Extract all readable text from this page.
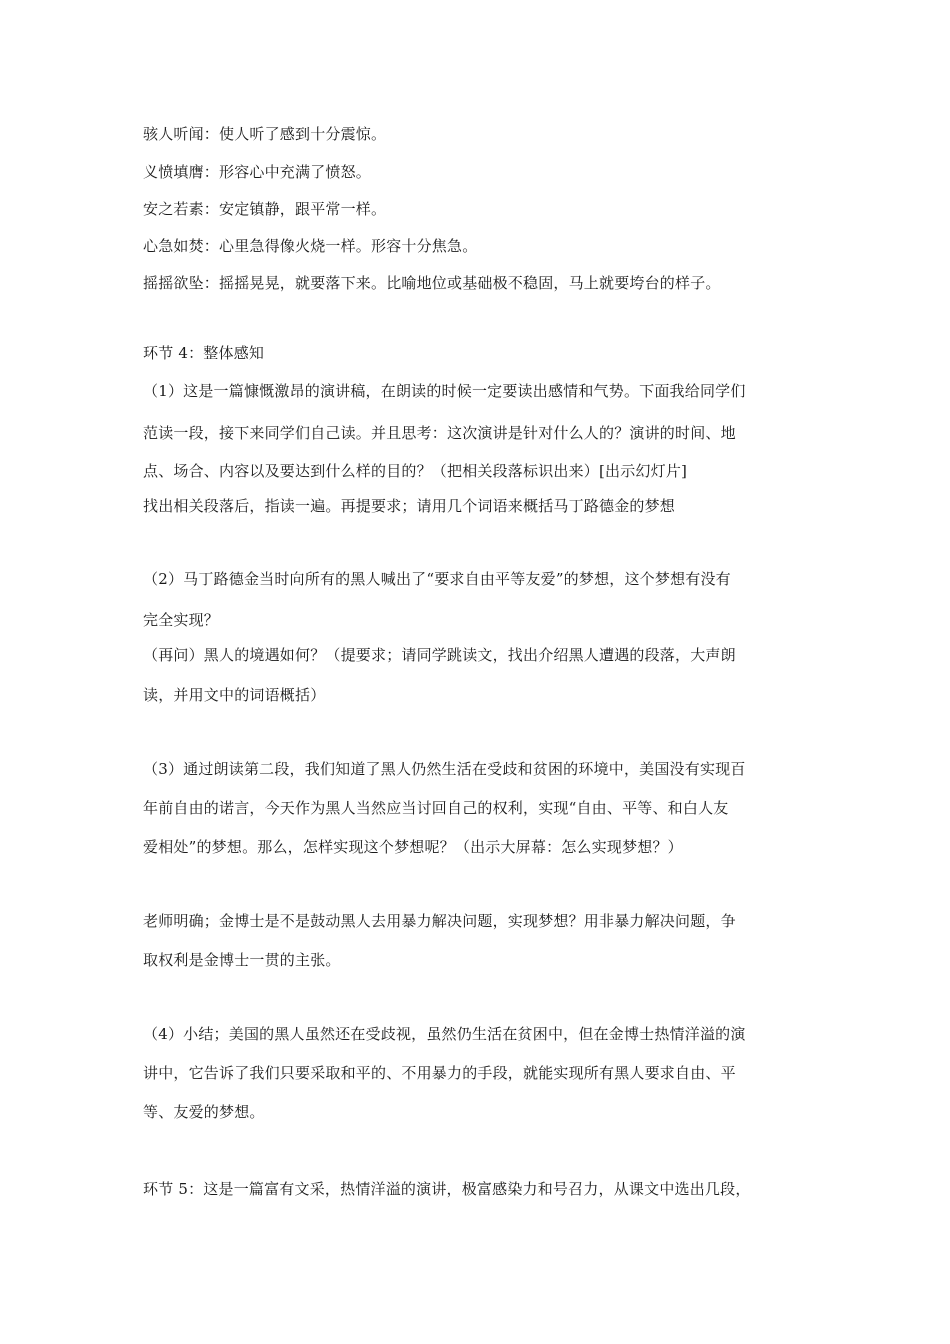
骇人听闻：使人听了感到十分震惊。
义愤填膺：形容心中充满了愤怒。
安之若素：安定镇静，跟平常一样。
心急如焚：心里急得像火烧一样。形容十分焦急。
摇摇欲坠：摇摇晃晃，就要落下来。比喻地位或基础极不稳固，马上就要垮台的样子。
环节 4：整体感知
（1）这是一篇慷慨激昂的演讲稿，在朗读的时候一定要读出感情和气势。下面我给同学们
范读一段，接下来同学们自己读。并且思考：这次演讲是针对什么人的？演讲的时间、地
点、场合、内容以及要达到什么样的目的？（把相关段落标识出来）[出示幻灯片]
找出相关段落后，指读一遍。再提要求；请用几个词语来概括马丁路德金的梦想
（2）马丁路德金当时向所有的黑人喊出了“要求自由平等友爱”的梦想，这个梦想有没有
完全实现？
（再问）黑人的境遇如何？（提要求；请同学跳读文，找出介绍黑人遭遇的段落，大声朗
读，并用文中的词语概括）
（3）通过朗读第二段，我们知道了黑人仍然生活在受歧和贫困的环境中，美国没有实现百
年前自由的诺言，今天作为黑人当然应当讨回自己的权利，实现“自由、平等、和白人友
爱相处”的梦想。那么，怎样实现这个梦想呢？（出示大屏幕：怎么实现梦想？）
老师明确；金博士是不是鼓动黑人去用暴力解决问题，实现梦想？用非暴力解决问题，争
取权利是金博士一贯的主张。
（4）小结；美国的黑人虽然还在受歧视，虽然仍生活在贫困中，但在金博士热情洋溢的演
讲中，它告诉了我们只要采取和平的、不用暴力的手段，就能实现所有黑人要求自由、平
等、友爱的梦想。
环节 5：这是一篇富有文采，热情洋溢的演讲，极富感染力和号召力，从课文中选出几段，
